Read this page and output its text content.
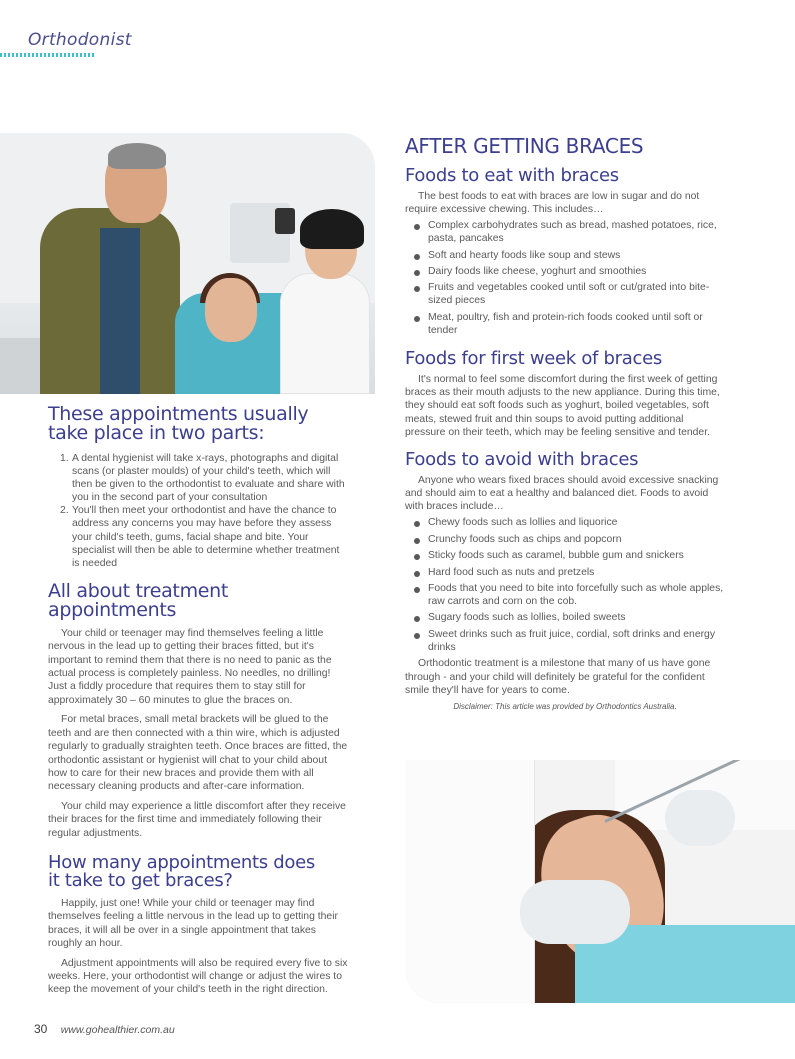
Orthodonist
These appointments usually
take place in two parts:
1. A dental hygienist will take x-rays, photographs and digital scans (or plaster moulds) of your child's teeth, which will then be given to the orthodontist to evaluate and share with you in the second part of your consultation
2. You'll then meet your orthodontist and have the chance to address any concerns you may have before they assess your child's teeth, gums, facial shape and bite. Your specialist will then be able to determine whether treatment is needed
All about treatment appointments

Your child or teenager may find themselves feeling a little nervous in the lead up to getting their braces fitted, but it's important to remind them that there is no need to panic as the actual process is completely painless. No needles, no drilling! Just a fiddly procedure that requires them to stay still for approximately 30 – 60 minutes to glue the braces on.

For metal braces, small metal brackets will be glued to the teeth and are then connected with a thin wire, which is adjusted regularly to gradually straighten teeth. Once braces are fitted, the orthodontic assistant or hygienist will chat to your child about how to care for their new braces and provide them with all necessary cleaning products and after-care information.

Your child may experience a little discomfort after they receive their braces for the first time and immediately following their regular adjustments.

How many appointments does
it take to get braces?

Happily, just one! While your child or teenager may find themselves feeling a little nervous in the lead up to getting their braces, it will all be over in a single appointment that takes roughly an hour.

Adjustment appointments will also be required every five to six weeks. Here, your orthodontist will change or adjust the wires to keep the movement of your child's teeth in the right direction.

AFTER GETTING BRACES
Foods to eat with braces

The best foods to eat with braces are low in sugar and do not require excessive chewing. This includes…

Complex carbohydrates such as bread, mashed potatoes, rice, pasta, pancakes
Soft and hearty foods like soup and stews
Dairy foods like cheese, yoghurt and smoothies
Fruits and vegetables cooked until soft or cut/grated into bite-sized pieces
Meat, poultry, fish and protein-rich foods cooked until soft or tender
Foods for first week of braces

It's normal to feel some discomfort during the first week of getting braces as their mouth adjusts to the new appliance. During this time, they should eat soft foods such as yoghurt, boiled vegetables, soft meats, stewed fruit and thin soups to avoid putting additional pressure on their teeth, which may be feeling sensitive and tender.

Foods to avoid with braces

Anyone who wears fixed braces should avoid excessive snacking and should aim to eat a healthy and balanced diet. Foods to avoid with braces include…

Chewy foods such as lollies and liquorice
Crunchy foods such as chips and popcorn
Sticky foods such as caramel, bubble gum and snickers
Hard food such as nuts and pretzels
Foods that you need to bite into forcefully such as whole apples, raw carrots and corn on the cob.
Sugary foods such as lollies, boiled sweets
Sweet drinks such as fruit juice, cordial, soft drinks and energy drinks

Orthodontic treatment is a milestone that many of us have gone through - and your child will definitely be grateful for the confident smile they'll have for years to come.

Disclaimer: This article was provided by Orthodontics Australia.
30 www.gohealthier.com.au
